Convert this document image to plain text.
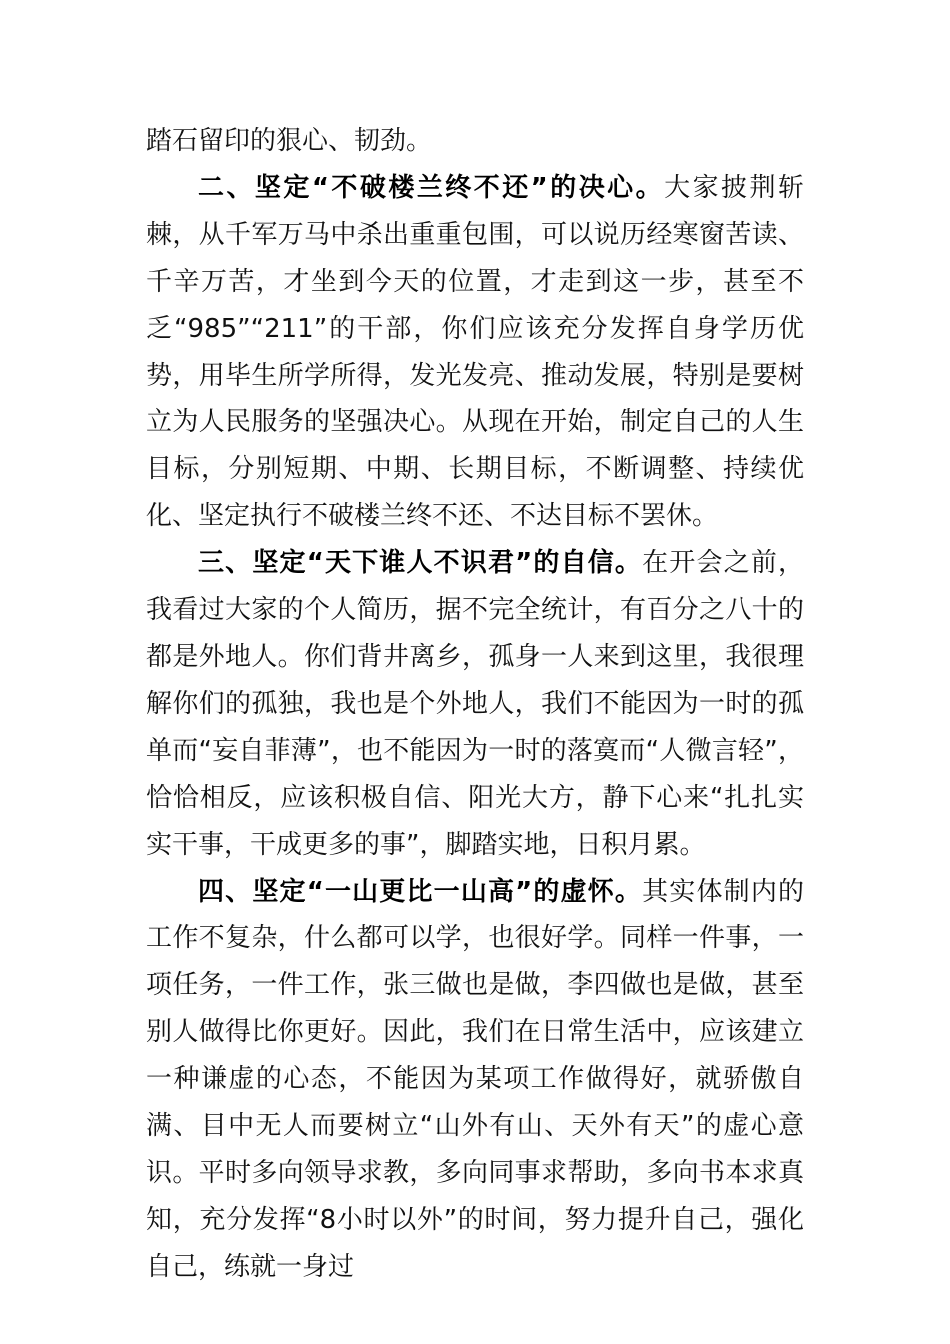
踏石留印的狠心、韧劲。

二、坚定“不破楼兰终不还”的决心。大家披荆斩棘，从千军万马中杀出重重包围，可以说历经寒窗苦读、千辛万苦，才坐到今天的位置，才走到这一步，甚至不乏“985”“211”的干部，你们应该充分发挥自身学历优势，用毕生所学所得，发光发亮、推动发展，特别是要树立为人民服务的坚强决心。从现在开始，制定自己的人生目标，分别短期、中期、长期目标，不断调整、持续优化、坚定执行不破楼兰终不还、不达目标不罢休。

三、坚定“天下谁人不识君”的自信。在开会之前，我看过大家的个人简历，据不完全统计，有百分之八十的都是外地人。你们背井离乡，孤身一人来到这里，我很理解你们的孤独，我也是个外地人，我们不能因为一时的孤单而“妄自菲薄”，也不能因为一时的落寞而“人微言轻”，恰恰相反，应该积极自信、阳光大方，静下心来“扎扎实实干事，干成更多的事”，脚踏实地，日积月累。

四、坚定“一山更比一山高”的虚怀。其实体制内的工作不复杂，什么都可以学，也很好学。同样一件事，一项任务，一件工作，张三做也是做，李四做也是做，甚至别人做得比你更好。因此，我们在日常生活中，应该建立一种谦虚的心态，不能因为某项工作做得好，就骄傲自满、目中无人而要树立“山外有山、天外有天”的虚心意识。平时多向领导求教，多向同事求帮助，多向书本求真知，充分发挥“8小时以外”的时间，努力提升自己，强化自己，练就一身过
